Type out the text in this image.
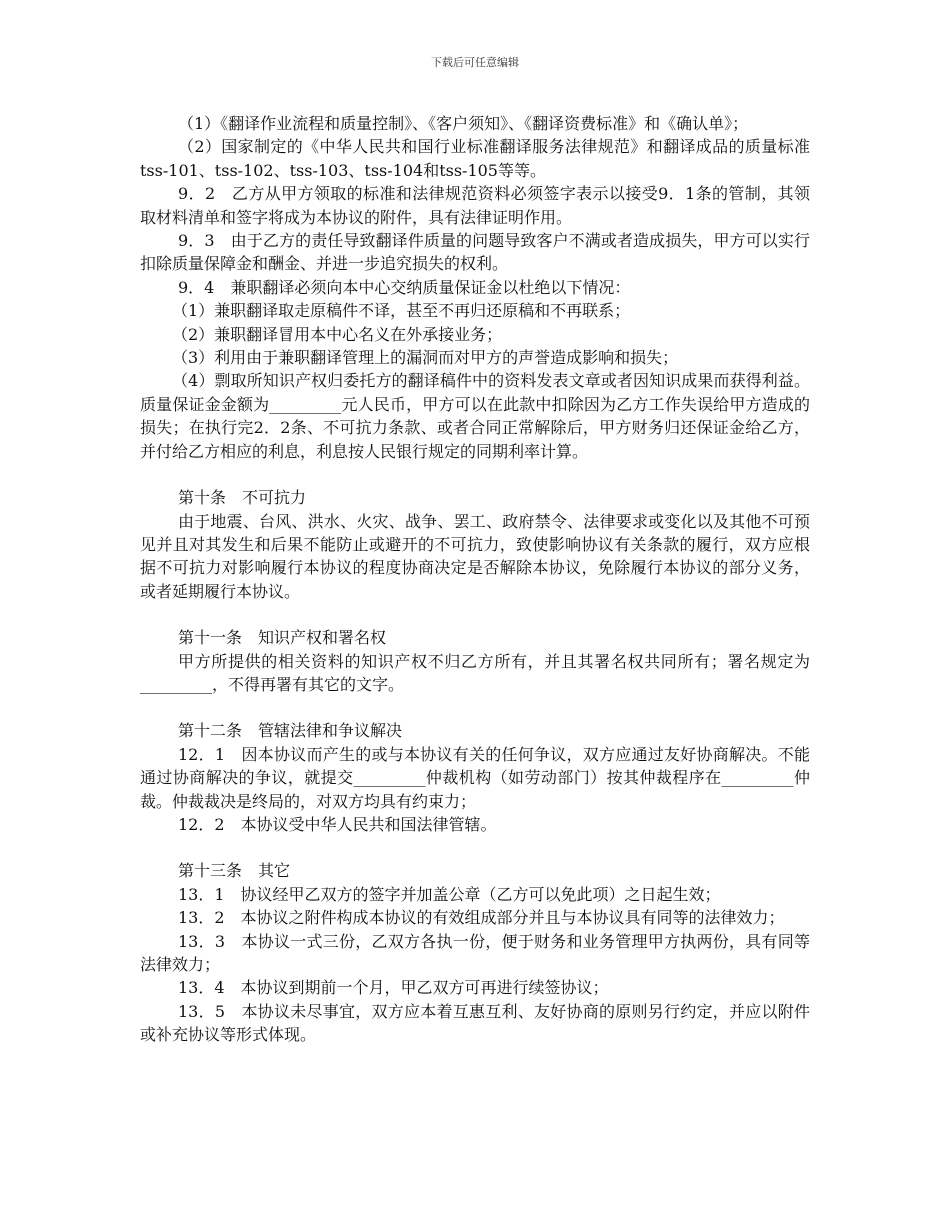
下载后可任意编辑

（1）《翻译作业流程和质量控制》、《客户须知》、《翻译资费标准》和《确认单》；

（2）国家制定的《中华人民共和国行业标准翻译服务法律规范》和翻译成品的质量标准tss-101、tss-102、tss-103、tss-104和tss-105等等。

9．2　乙方从甲方领取的标准和法律规范资料必须签字表示以接受9．1条的管制，其领取材料清单和签字将成为本协议的附件，具有法律证明作用。

9．3　由于乙方的责任导致翻译件质量的问题导致客户不满或者造成损失，甲方可以实行扣除质量保障金和酬金、并进一步追究损失的权利。

9．4　兼职翻译必须向本中心交纳质量保证金以杜绝以下情况：

（1）兼职翻译取走原稿件不译，甚至不再归还原稿和不再联系；

（2）兼职翻译冒用本中心名义在外承接业务；

（3）利用由于兼职翻译管理上的漏洞而对甲方的声誉造成影响和损失；

（4）剽取所知识产权归委托方的翻译稿件中的资料发表文章或者因知识成果而获得利益。质量保证金金额为_________元人民币，甲方可以在此款中扣除因为乙方工作失误给甲方造成的损失；在执行完2．2条、不可抗力条款、或者合同正常解除后，甲方财务归还保证金给乙方，并付给乙方相应的利息，利息按人民银行规定的同期利率计算。

第十条　不可抗力

由于地震、台风、洪水、火灾、战争、罢工、政府禁令、法律要求或变化以及其他不可预见并且对其发生和后果不能防止或避开的不可抗力，致使影响协议有关条款的履行，双方应根据不可抗力对影响履行本协议的程度协商决定是否解除本协议，免除履行本协议的部分义务，或者延期履行本协议。

第十一条　知识产权和署名权

甲方所提供的相关资料的知识产权不归乙方所有，并且其署名权共同所有；署名规定为_________，不得再署有其它的文字。

第十二条　管辖法律和争议解决

12．1　因本协议而产生的或与本协议有关的任何争议，双方应通过友好协商解决。不能通过协商解决的争议，就提交_________仲裁机构（如劳动部门）按其仲裁程序在_________仲裁。仲裁裁决是终局的，对双方均具有约束力；

12．2　本协议受中华人民共和国法律管辖。

第十三条　其它

13．1　协议经甲乙双方的签字并加盖公章（乙方可以免此项）之日起生效；

13．2　本协议之附件构成本协议的有效组成部分并且与本协议具有同等的法律效力；

13．3　本协议一式三份，乙双方各执一份，便于财务和业务管理甲方执两份，具有同等法律效力；

13．4　本协议到期前一个月，甲乙双方可再进行续签协议；

13．5　本协议未尽事宜，双方应本着互惠互利、友好协商的原则另行约定，并应以附件或补充协议等形式体现。
